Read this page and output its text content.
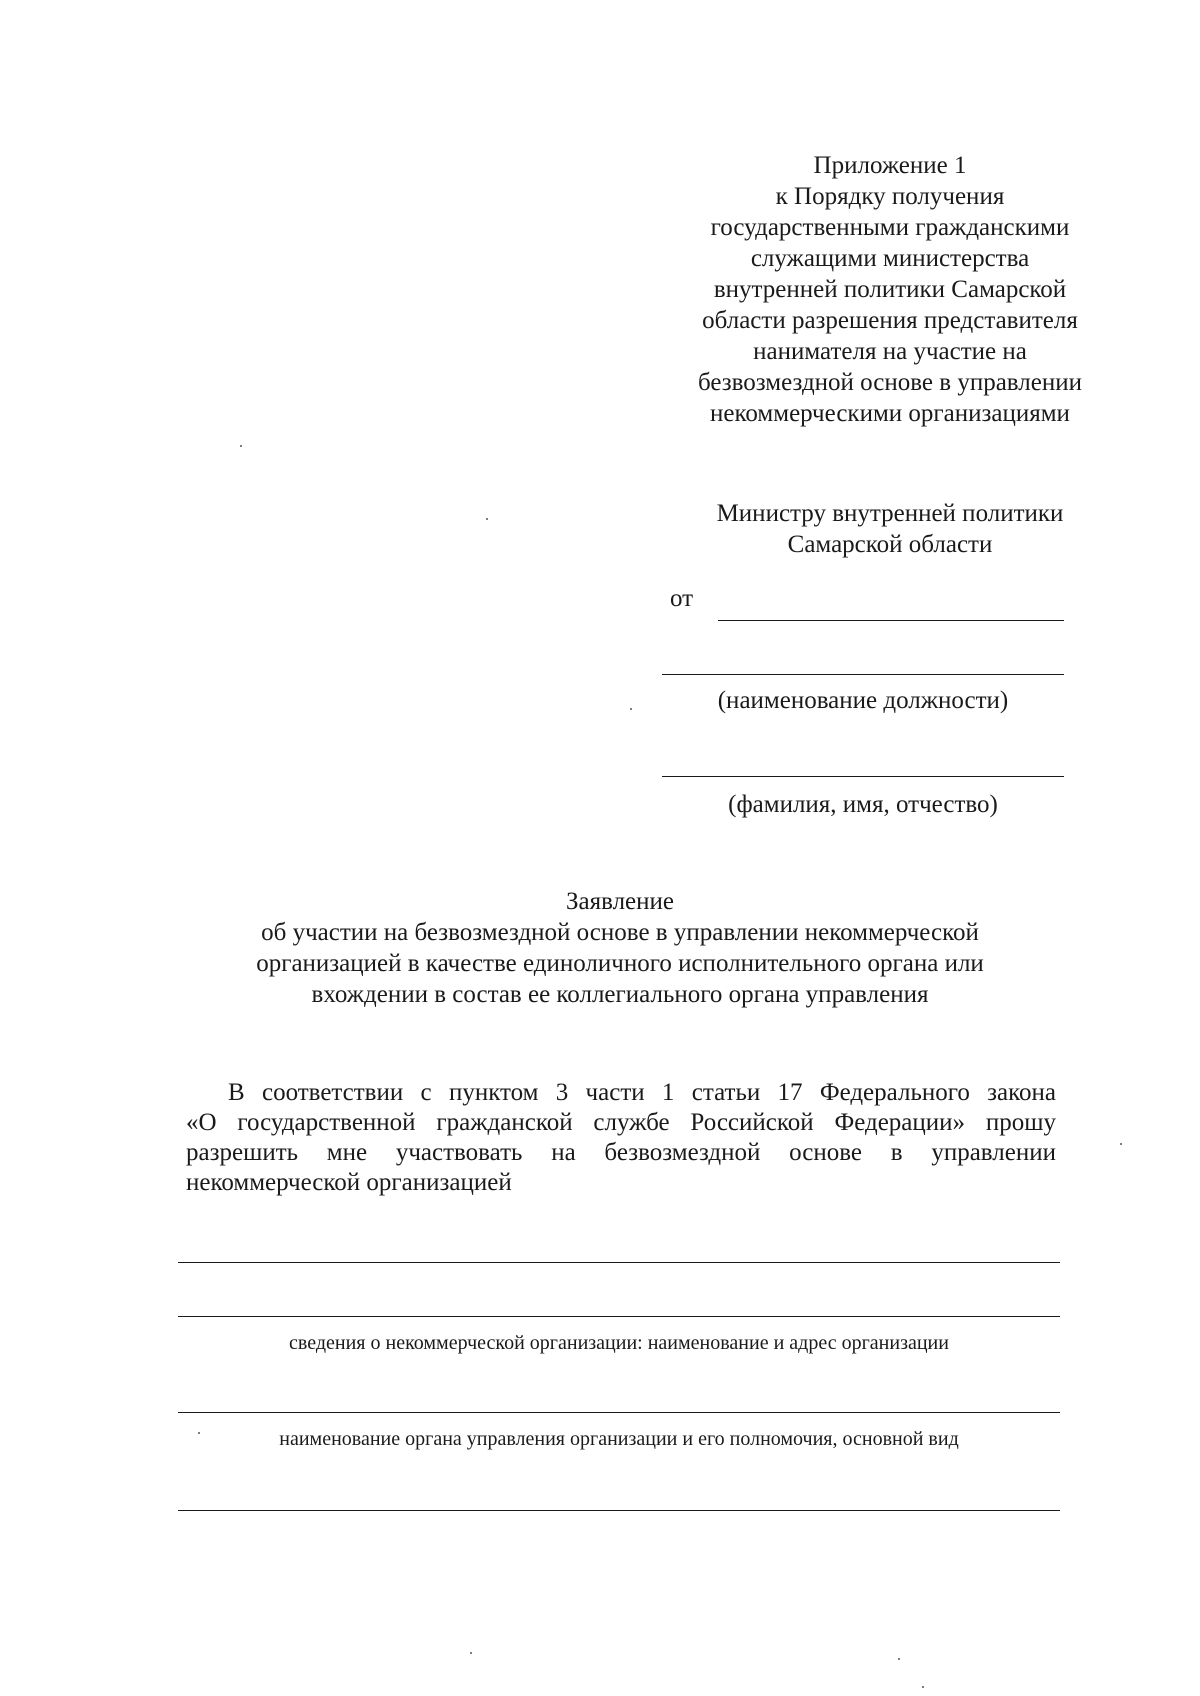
Приложение 1
к Порядку получения
государственными гражданскими
служащими министерства
внутренней политики Самарской
области разрешения представителя
нанимателя на участие на
безвозмездной основе в управлении
некоммерческими организациями
Министру внутренней политики
Самарской области
от
(наименование должности)
(фамилия, имя, отчество)
Заявление
об участии на безвозмездной основе в управлении некоммерческой
организацией в качестве единоличного исполнительного органа или
вхождении в состав ее коллегиального органа управления
В соответствии с пунктом 3 части 1 статьи 17 Федерального закона
«О государственной гражданской службе Российской Федерации» прошу
разрешить мне участвовать на безвозмездной основе в управлении
некоммерческой организацией
сведения о некоммерческой организации: наименование и адрес организации
наименование органа управления организации и его полномочия, основной вид
